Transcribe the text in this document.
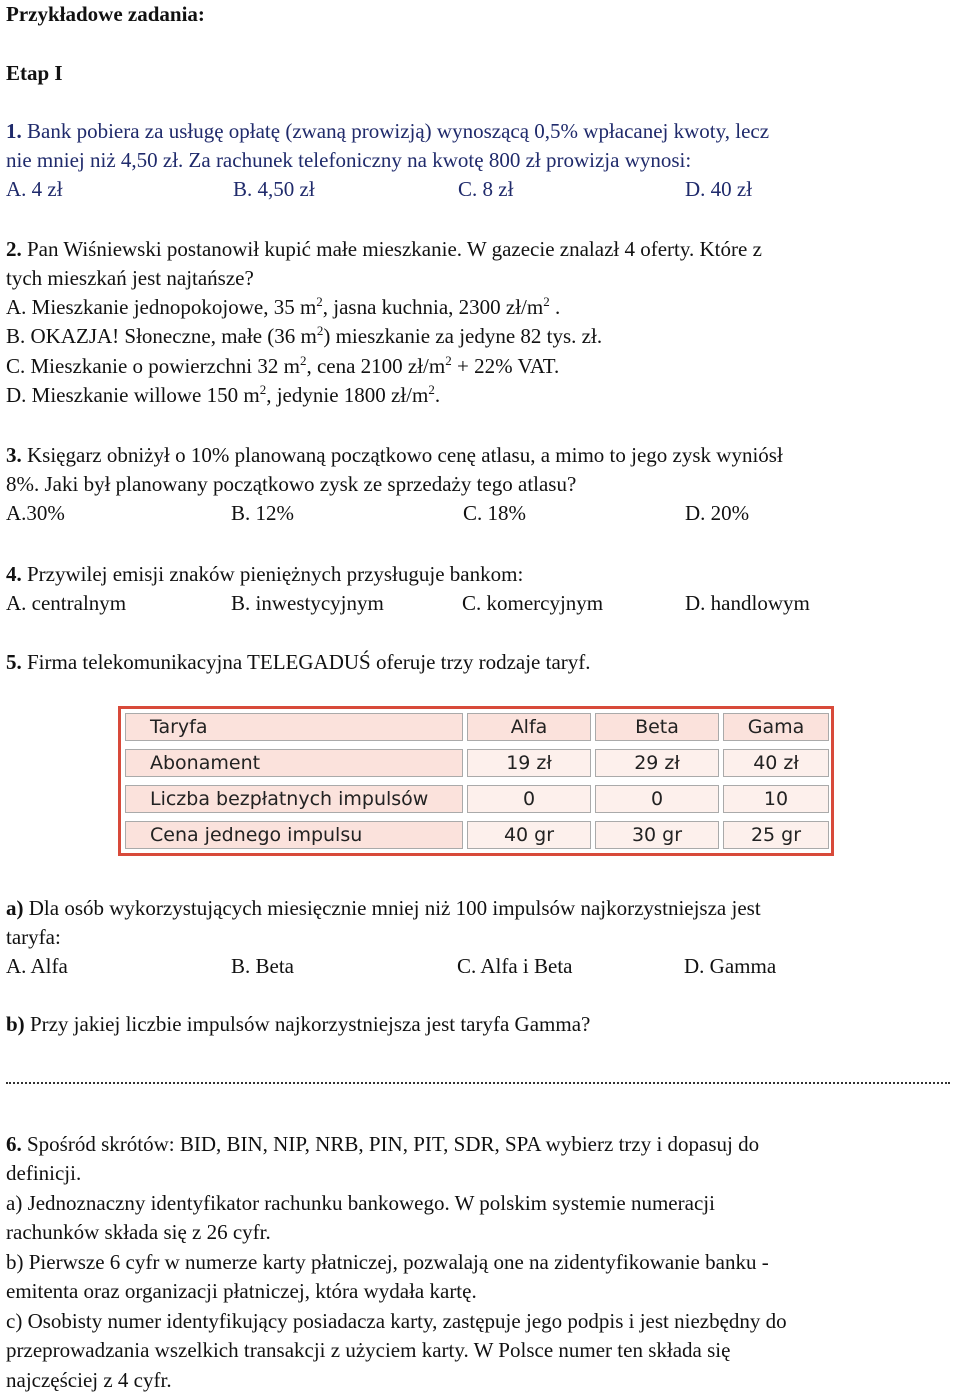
Przykładowe zadania:
Etap I
1. Bank pobiera za usługę opłatę (zwaną prowizją) wynoszącą 0,5% wpłacanej kwoty, lecz
nie mniej niż 4,50 zł. Za rachunek telefoniczny na kwotę 800 zł prowizja wynosi:
A. 4 zł	B. 4,50 zł	C. 8 zł	D. 40 zł
2. Pan Wiśniewski postanowił kupić małe mieszkanie. W gazecie znalazł 4 oferty. Które z
tych mieszkań jest najtańsze?
A. Mieszkanie jednopokojowe, 35 $m^2$, jasna kuchnia, 2300 $zł/m^2$ .
B. OKAZJA! Słoneczne, małe (36 $m^2$) mieszkanie za jedyne 82 tys. zł.
C. Mieszkanie o powierzchni 32 $m^2$, cena 2100 $zł/m^2 + 22\%$ VAT.
D. Mieszkanie willowe 150 $m^2$, jedynie 1800 $zł/m^2$.
3. Księgarz obniżył o 10% planowaną początkowo cenę atlasu, a mimo to jego zysk wyniósł
8%. Jaki był planowany początkowo zysk ze sprzedaży tego atlasu?
A.30%	B. 12%	C. 18%	D. 20%
4. Przywilej emisji znaków pieniężnych przysługuje bankom:
A. centralnym	B. inwestycyjnym	C. komercyjnym	D. handlowym
5. Firma telekomunikacyjna TELEGADUŚ oferuje trzy rodzaje taryf.
Taryfa	Alfa	Beta	Gama
Abonament	19 zł	29 zł	40 zł
Liczba bezpłatnych impulsów	0	0	10
Cena jednego impulsu	40 gr	30 gr	25 gr
a) Dla osób wykorzystujących miesięcznie mniej niż 100 impulsów najkorzystniejsza jest
taryfa:
A. Alfa	B. Beta	C. Alfa i Beta	D. Gamma
b) Przy jakiej liczbie impulsów najkorzystniejsza jest taryfa Gamma?
6. Spośród skrótów: BID, BIN, NIP, NRB, PIN, PIT, SDR, SPA wybierz trzy i dopasuj do
definicji.
a) Jednoznaczny identyfikator rachunku bankowego. W polskim systemie numeracji
rachunków składa się z 26 cyfr.
b) Pierwsze 6 cyfr w numerze karty płatniczej, pozwalają one na zidentyfikowanie banku -
emitenta oraz organizacji płatniczej, która wydała kartę.
c) Osobisty numer identyfikujący posiadacza karty, zastępuje jego podpis i jest niezbędny do
przeprowadzania wszelkich transakcji z użyciem karty. W Polsce numer ten składa się
najczęściej z 4 cyfr.
